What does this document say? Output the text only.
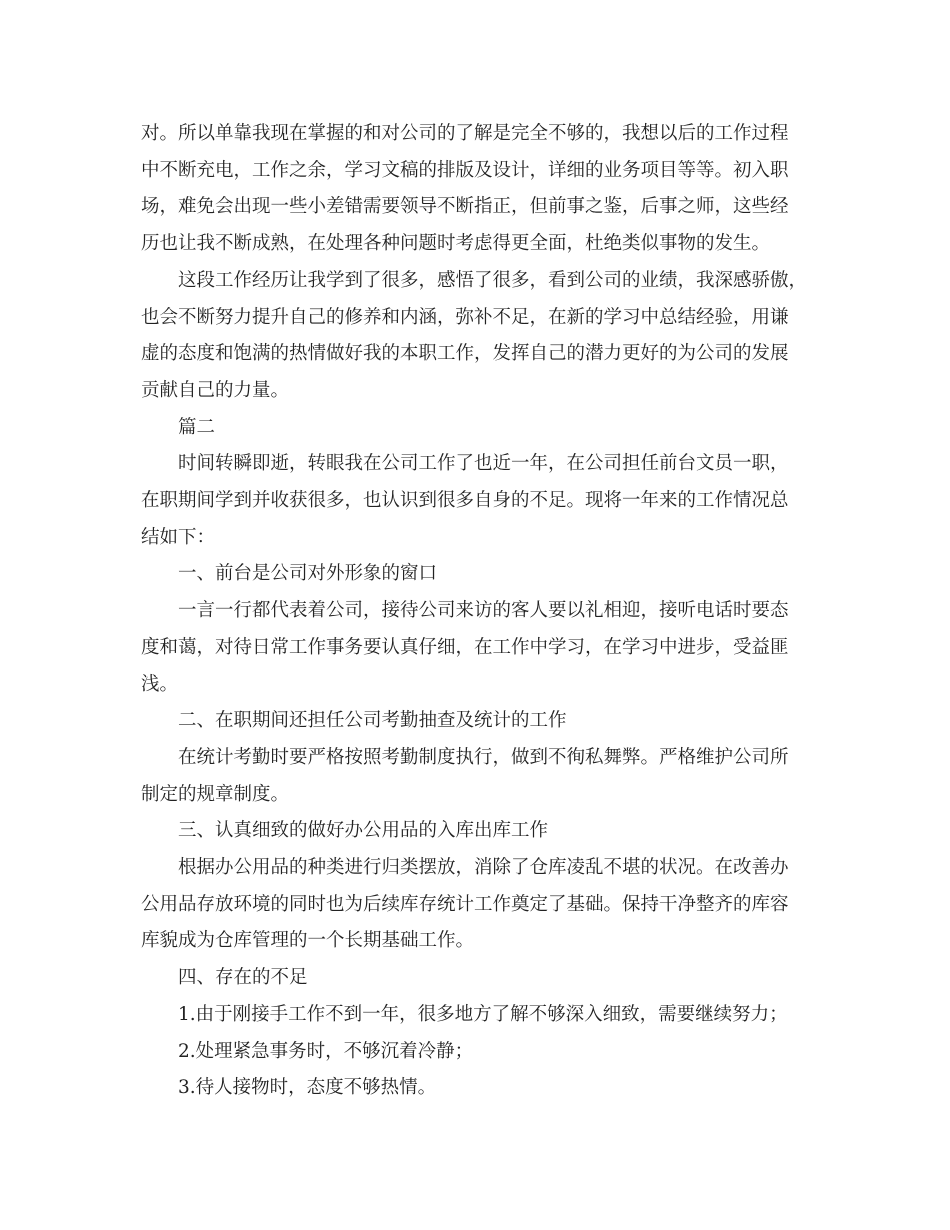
对。所以单靠我现在掌握的和对公司的了解是完全不够的，我想以后的工作过程
中不断充电，工作之余，学习文稿的排版及设计，详细的业务项目等等。初入职
场，难免会出现一些小差错需要领导不断指正，但前事之鉴，后事之师，这些经
历也让我不断成熟，在处理各种问题时考虑得更全面，杜绝类似事物的发生。
这段工作经历让我学到了很多，感悟了很多，看到公司的业绩，我深感骄傲，
也会不断努力提升自己的修养和内涵，弥补不足，在新的学习中总结经验，用谦
虚的态度和饱满的热情做好我的本职工作，发挥自己的潜力更好的为公司的发展
贡献自己的力量。
篇二
时间转瞬即逝，转眼我在公司工作了也近一年，在公司担任前台文员一职，
在职期间学到并收获很多，也认识到很多自身的不足。现将一年来的工作情况总
结如下：
一、前台是公司对外形象的窗口
一言一行都代表着公司，接待公司来访的客人要以礼相迎，接听电话时要态
度和蔼，对待日常工作事务要认真仔细，在工作中学习，在学习中进步，受益匪
浅。
二、在职期间还担任公司考勤抽查及统计的工作
在统计考勤时要严格按照考勤制度执行，做到不徇私舞弊。严格维护公司所
制定的规章制度。
三、认真细致的做好办公用品的入库出库工作
根据办公用品的种类进行归类摆放，消除了仓库凌乱不堪的状况。在改善办
公用品存放环境的同时也为后续库存统计工作奠定了基础。保持干净整齐的库容
库貌成为仓库管理的一个长期基础工作。
四、存在的不足
1.由于刚接手工作不到一年，很多地方了解不够深入细致，需要继续努力；
2.处理紧急事务时，不够沉着冷静；
3.待人接物时，态度不够热情。
